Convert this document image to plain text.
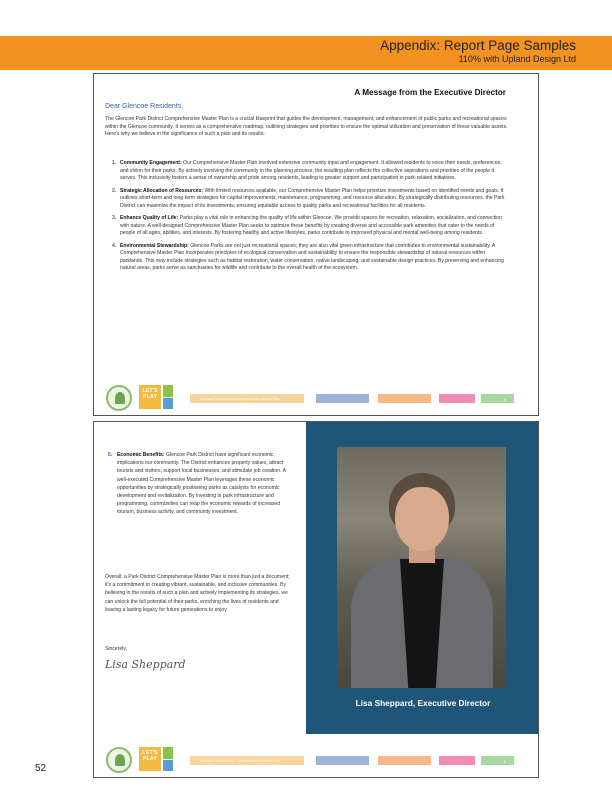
Appendix: Report Page Samples
110% with Upland Design Ltd
A Message from the Executive Director
Dear Glencoe Residents,

The Glencoe Park District Comprehensive Master Plan is a crucial blueprint that guides the development, management, and enhancement of public parks and recreational spaces within the Glencoe community. It serves as a comprehensive roadmap, outlining strategies and priorities to ensure the optimal utilization and preservation of these valuable assets. Here's why we believe in the significance of such a plan and its results:

1. Community Engagement: Our Comprehensive Master Plan involved extensive community input and engagement. It allowed residents to voice their needs, preferences, and vision for their parks. By actively involving the community in the planning process, the resulting plan reflects the collective aspirations and priorities of the people it serves. This inclusivity fosters a sense of ownership and pride among residents, leading to greater support and participation in park-related initiatives.
2. Strategic Allocation of Resources: With limited resources available, our Comprehensive Master Plan helps prioritize investments based on identified needs and goals. It outlines short-term and long-term strategies for capital improvements, maintenance, programming, and resource allocation. By strategically distributing resources, the Park District can maximize the impact of its investments, ensuring equitable access to quality parks and recreational facilities for all residents.
3. Enhance Quality of Life: Parks play a vital role in enhancing the quality of life within Glencoe. We provide spaces for recreation, relaxation, socialization, and connection with nature. A well-designed Comprehensive Master Plan seeks to optimize these benefits by creating diverse and accessible park amenities that cater to the needs of people of all ages, abilities, and interests. By fostering healthy and active lifestyles, parks contribute to improved physical and mental well-being among residents.
4. Environmental Stewardship: Glencoe Parks are not just recreational spaces; they are also vital green infrastructure that contributes to environmental sustainability. A Comprehensive Master Plan incorporates principles of ecological conservation and sustainability to ensure the responsible stewardship of natural resources within parklands. This may include strategies such as habitat restoration, water conservation, native landscaping, and sustainable design practices. By preserving and enhancing natural areas, parks serve as sanctuaries for wildlife and contribute to the overall health of the ecosystem.
LET'S PLAY	Glencoe Park District Comprehensive Master Plan	4
5. Economic Benefits: Glencoe Park District have significant economic implications our community. The District enhances property values, attract tourists and visitors, support local businesses, and stimulate job creation. A well-executed Comprehensive Master Plan leverages these economic opportunities by strategically positioning parks as catalysts for economic development and revitalization. By investing in park infrastructure and programming, communities can reap the economic rewards of increased tourism, business activity, and community investment.

Overall, a Park District Comprehensive Master Plan is more than just a document; it's a commitment to creating vibrant, sustainable, and inclusive communities. By believing in the results of such a plan and actively implementing its strategies, we can unlock the full potential of their parks, enriching the lives of residents and leaving a lasting legacy for future generations to enjoy.

Sincerely,
Lisa Sheppard
Lisa Sheppard, Executive Director
LET'S PLAY	Glencoe Park District Comprehensive Master Plan	5
52
